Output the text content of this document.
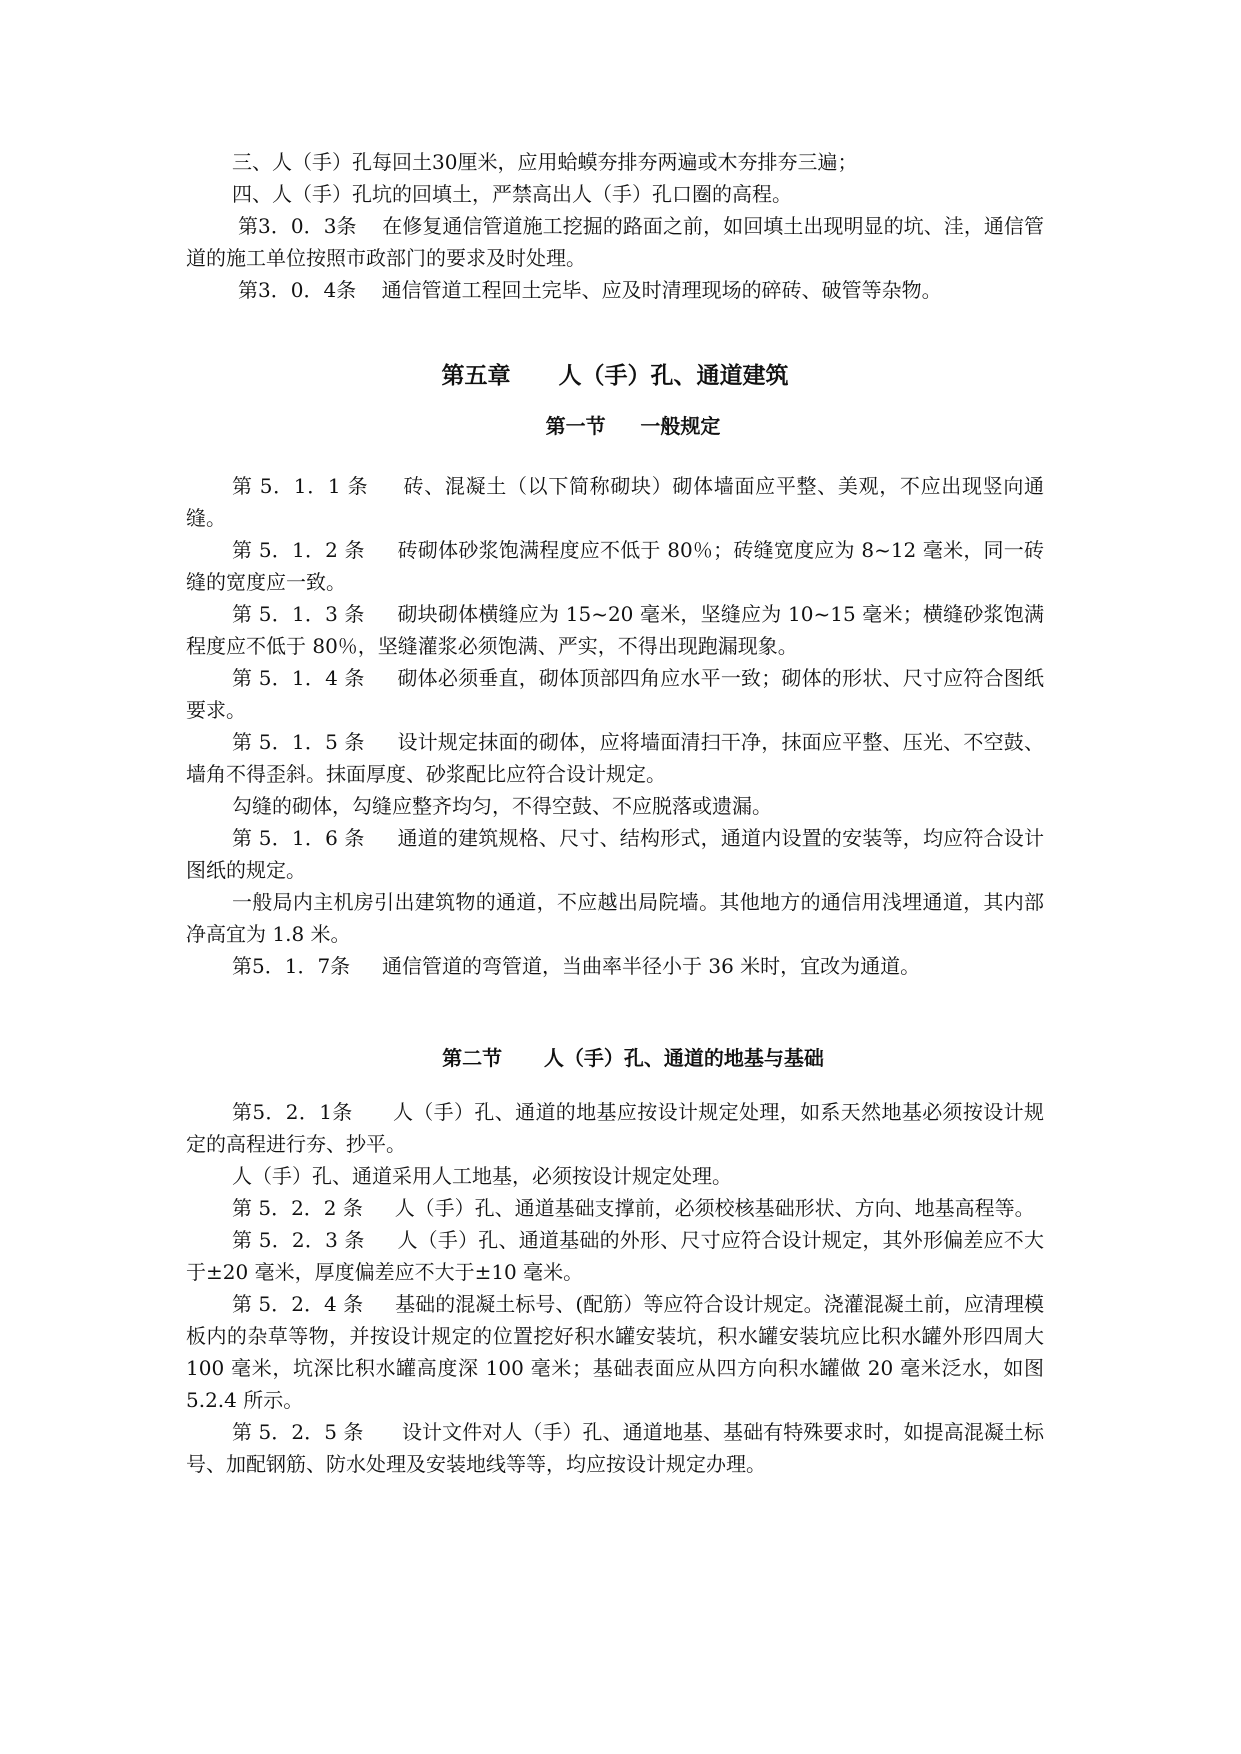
三、人（手）孔每回土30厘米，应用蛤蟆夯排夯两遍或木夯排夯三遍；

四、人（手）孔坑的回填土，严禁高出人（手）孔口圈的高程。

第3．0．3条 在修复通信管道施工挖掘的路面之前，如回填土出现明显的坑、洼，通信管道的施工单位按照市政部门的要求及时处理。

第3．0．4条 通信管道工程回土完毕、应及时清理现场的碎砖、破管等杂物。

第五章 人（手）孔、通道建筑
第一节 一般规定

第 5．1．1 条 砖、混凝土（以下简称砌块）砌体墙面应平整、美观，不应出现竖向通缝。

第 5．1．2 条 砖砌体砂浆饱满程度应不低于 80％；砖缝宽度应为 8~12 毫米，同一砖缝的宽度应一致。

第 5．1．3 条 砌块砌体横缝应为 15~20 毫米，坚缝应为 10~15 毫米；横缝砂浆饱满程度应不低于 80％，坚缝灌浆必须饱满、严实，不得出现跑漏现象。

第 5．1．4 条 砌体必须垂直，砌体顶部四角应水平一致；砌体的形状、尺寸应符合图纸要求。

第 5．1．5 条 设计规定抹面的砌体，应将墙面清扫干净，抹面应平整、压光、不空鼓、墙角不得歪斜。抹面厚度、砂浆配比应符合设计规定。

勾缝的砌体，勾缝应整齐均匀，不得空鼓、不应脱落或遗漏。

第 5．1．6 条 通道的建筑规格、尺寸、结构形式，通道内设置的安装等，均应符合设计图纸的规定。

一般局内主机房引出建筑物的通道，不应越出局院墙。其他地方的通信用浅埋通道，其内部净高宜为 1.8 米。

第5．1．7条 通信管道的弯管道，当曲率半径小于 36 米时，宜改为通道。

第二节 人（手）孔、通道的地基与基础

第5．2．1条 人（手）孔、通道的地基应按设计规定处理，如系天然地基必须按设计规定的高程进行夯、抄平。

人（手）孔、通道采用人工地基，必须按设计规定处理。

第 5．2．2 条 人（手）孔、通道基础支撑前，必须校核基础形状、方向、地基高程等。

第 5．2．3 条 人（手）孔、通道基础的外形、尺寸应符合设计规定，其外形偏差应不大于±20 毫米，厚度偏差应不大于±10 毫米。

第 5．2．4 条 基础的混凝土标号、(配筋）等应符合设计规定。浇灌混凝土前，应清理模板内的杂草等物，并按设计规定的位置挖好积水罐安装坑，积水罐安装坑应比积水罐外形四周大 100 毫米，坑深比积水罐高度深 100 毫米；基础表面应从四方向积水罐做 20 毫米泛水，如图 5.2.4 所示。

第 5．2．5 条 设计文件对人（手）孔、通道地基、基础有特殊要求时，如提高混凝土标号、加配钢筋、防水处理及安装地线等等，均应按设计规定办理。
